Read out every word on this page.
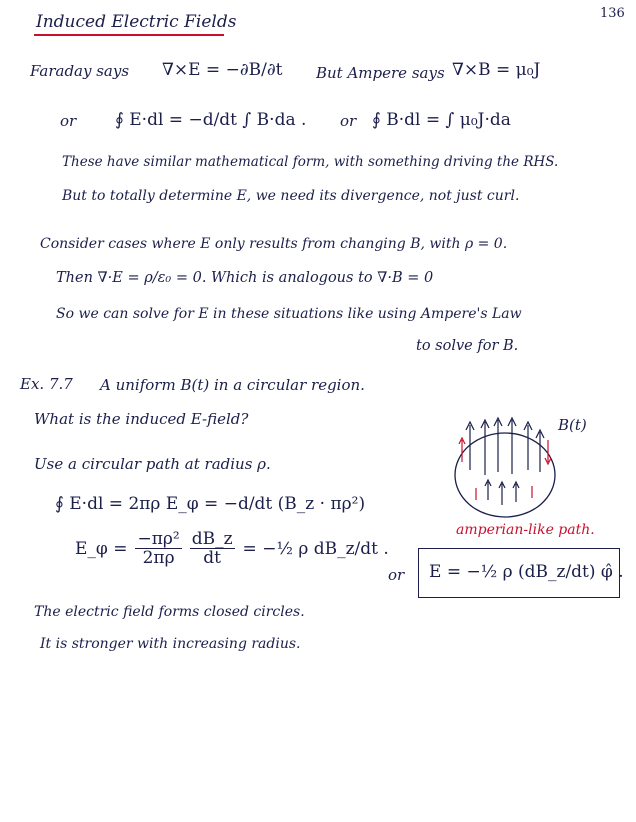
136
Induced Electric Fields
Faraday says ∇×E = −∂B/∂t
or ∮ E·dl = −d/dt ∫ B·da .
But Ampere says ∇×B = μ₀J
or ∮ B·dl = ∫ μ₀J·da
These have similar mathematical form, with something driving the RHS.
But to totally determine E, we need its divergence, not just curl.
Consider cases where E only results from changing B, with ρ = 0.
Then ∇·E = ρ/ε₀ = 0. Which is analogous to ∇·B = 0
So we can solve for E in these situations like using Ampere's Law
to solve for B.
Ex. 7.7 A uniform B(t) in a circular region.
What is the induced E-field?
Use a circular path at radius ρ.
∮ E·dl = 2πρ E_φ = −d/dt (B_z · πρ²)
E_φ = $\frac{\text{−πρ²}}{2\pi\rho} \frac{dB\_z}{dt}$ = −½ ρ dB_z/dt .
or E = −½ ρ (dB_z/dt) φ̂ .
The electric field forms closed circles.
It is stronger with increasing radius.
B(t)
amperian-like path.
